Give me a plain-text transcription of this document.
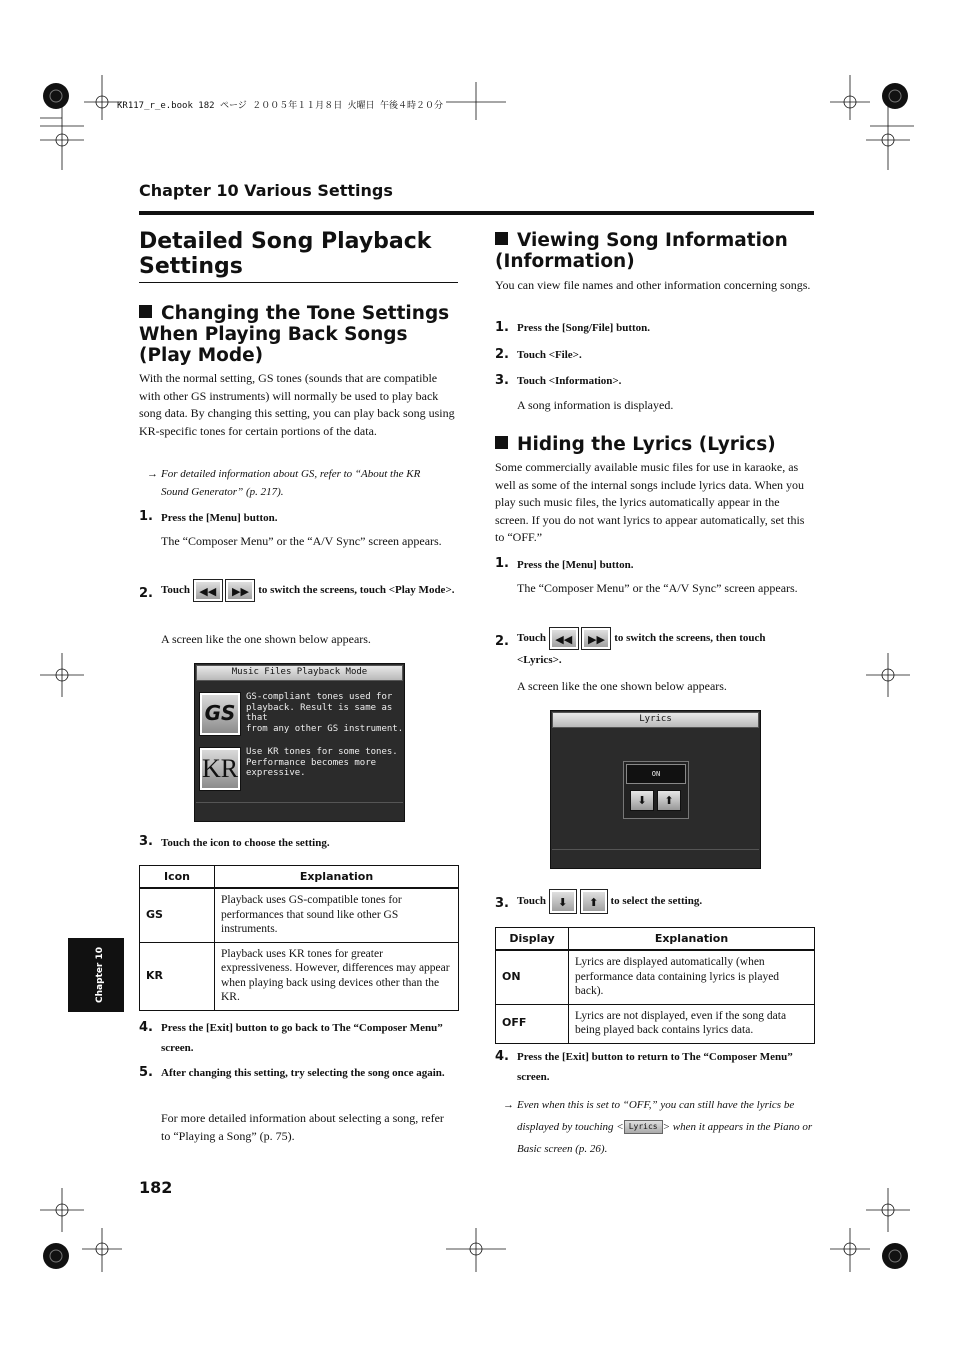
KR117_r_e.book 182 ページ ２００５年１１月８日 火曜日 午後４時２０分
Chapter 10 Various Settings
Detailed Song Playback Settings
Changing the Tone Settings When Playing Back Songs (Play Mode)
With the normal setting, GS tones (sounds that are compatible with other GS instruments) will normally be used to play back song data. By changing this setting, you can play back song using KR-specific tones for certain portions of the data.
→ For detailed information about GS, refer to “About the KR Sound Generator” (p. 217).
1. Press the [Menu] button.
The “Composer Menu” or the “A/V Sync” screen appears.
2. Touch ◀◀
	▶▶ to switch the screens, touch <Play Mode>.
A screen like the one shown below appears.
Music Files Playback Mode
GS
GS-compliant tones used for
playback. Result is same as that
from any other GS instrument.
KR
Use KR tones for some tones.
Performance becomes more
expressive.
3. Touch the icon to choose the setting.
Icon	Explanation
GS	Playback uses GS-compatible tones for performances that sound like other GS instruments.
KR	Playback uses KR tones for greater expressiveness. However, differences may appear when playing back using devices other than the KR.
4. Press the [Exit] button to go back to The “Composer Menu” screen.
5. After changing this setting, try selecting the song once again.
For more detailed information about selecting a song, refer to “Playing a Song” (p. 75).
Viewing Song Information (Information)
You can view file names and other information concerning songs.
1. Press the [Song/File] button.
2. Touch <File>.
3. Touch <Information>.
A song information is displayed.
Hiding the Lyrics (Lyrics)
Some commercially available music files for use in karaoke, as well as some of the internal songs include lyrics data. When you play such music files, the lyrics automatically appear in the screen. If you do not want lyrics to appear automatically, set this to “OFF.”
1. Press the [Menu] button.
The “Composer Menu” or the “A/V Sync” screen appears.
2. Touch ◀◀
	▶▶ to switch the screens, then touch <Lyrics>.
A screen like the one shown below appears.
Lyrics
ON
⬇	⬆
3. Touch	⬇	⬆	to select the setting.
Display	Explanation
ON	Lyrics are displayed automatically (when performance data containing lyrics is played back).
OFF	Lyrics are not displayed, even if the song data being played back contains lyrics data.
4. Press the [Exit] button to return to The “Composer Menu” screen.
→ Even when this is set to “OFF,” you can still have the lyrics be displayed by touching < Lyrics > when it appears in the Piano or Basic screen (p. 26).
Chapter 10
182
